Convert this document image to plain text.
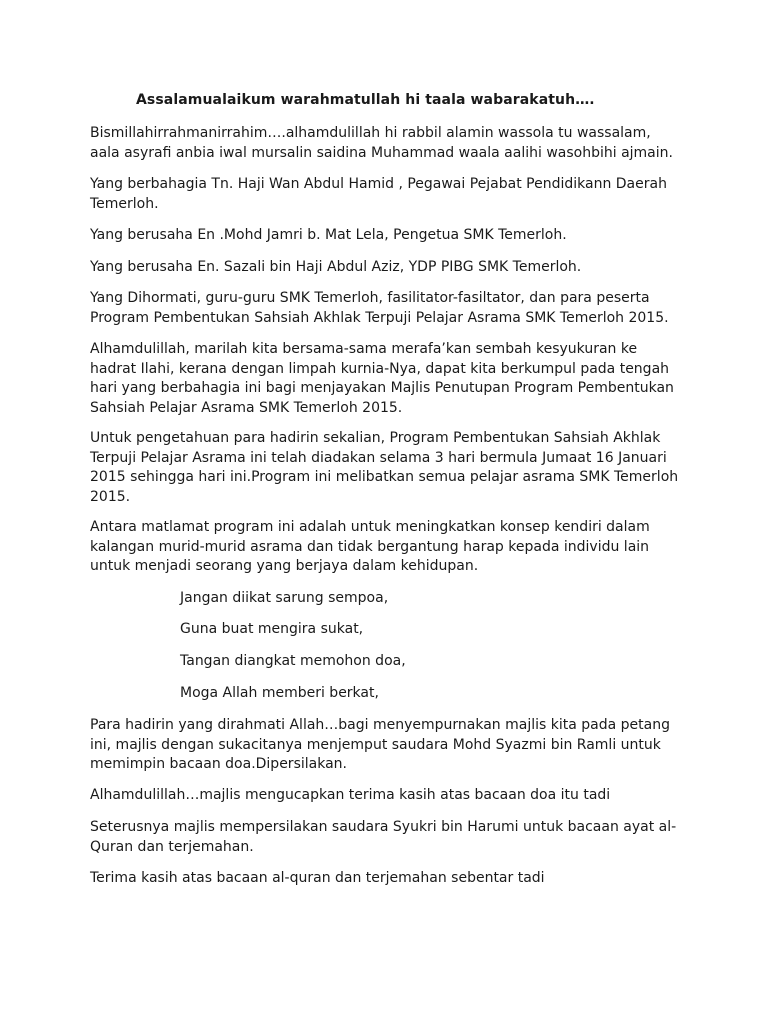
Assalamualaikum warahmatullah hi taala wabarakatuh….
Bismillahirrahmanirrahim….alhamdulillah hi rabbil alamin wassola tu wassalam,
aala asyrafi anbia iwal mursalin saidina Muhammad waala aalihi wasohbihi ajmain.
Yang berbahagia Tn. Haji Wan Abdul Hamid , Pegawai Pejabat Pendidikann Daerah
Temerloh.
Yang berusaha En .Mohd Jamri b. Mat Lela, Pengetua SMK Temerloh.
Yang berusaha En. Sazali bin Haji Abdul Aziz, YDP PIBG SMK Temerloh.
Yang Dihormati, guru-guru SMK Temerloh, fasilitator-fasiltator, dan para peserta
Program Pembentukan Sahsiah Akhlak Terpuji Pelajar Asrama SMK Temerloh 2015.
Alhamdulillah, marilah kita bersama-sama merafa’kan sembah kesyukuran ke
hadrat Ilahi, kerana dengan limpah kurnia-Nya, dapat kita berkumpul pada tengah
hari yang berbahagia ini bagi menjayakan Majlis Penutupan Program Pembentukan
Sahsiah Pelajar Asrama SMK Temerloh 2015.
Untuk pengetahuan para hadirin sekalian, Program Pembentukan Sahsiah Akhlak
Terpuji Pelajar Asrama ini telah diadakan selama 3 hari bermula Jumaat 16 Januari
2015 sehingga hari ini.Program ini melibatkan semua pelajar asrama SMK Temerloh
2015.
Antara matlamat program ini adalah untuk meningkatkan konsep kendiri dalam
kalangan murid-murid asrama dan tidak bergantung harap kepada individu lain
untuk menjadi seorang yang berjaya dalam kehidupan.
Jangan diikat sarung sempoa,
Guna buat mengira sukat,
Tangan diangkat memohon doa,
Moga Allah memberi berkat,
Para hadirin yang dirahmati Allah…bagi menyempurnakan majlis kita pada petang
ini, majlis dengan sukacitanya menjemput saudara Mohd Syazmi bin Ramli untuk
memimpin bacaan doa.Dipersilakan.
Alhamdulillah…majlis mengucapkan terima kasih atas bacaan doa itu tadi
Seterusnya majlis mempersilakan saudara Syukri bin Harumi untuk bacaan ayat al-
Quran dan terjemahan.
Terima kasih atas bacaan al-quran dan terjemahan sebentar tadi
